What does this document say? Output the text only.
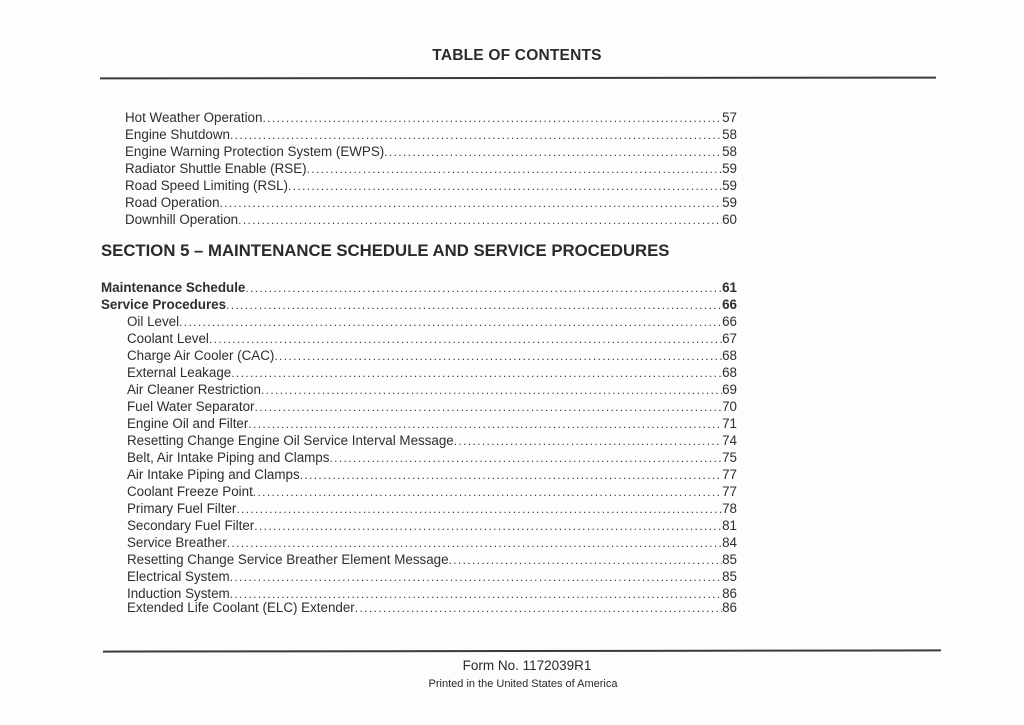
TABLE OF CONTENTS
Hot Weather Operation .....	57
Engine Shutdown .....	58
Engine Warning Protection System (EWPS) .....	58
Radiator Shuttle Enable (RSE) .....	59
Road Speed Limiting (RSL) .....	59
Road Operation .....	59
Downhill Operation .....	60
SECTION 5 – MAINTENANCE SCHEDULE AND SERVICE PROCEDURES
Maintenance Schedule .....	61
Service Procedures .....	66
Oil Level .....	66
Coolant Level .....	67
Charge Air Cooler (CAC) .....	68
External Leakage .....	68
Air Cleaner Restriction .....	69
Fuel Water Separator .....	70
Engine Oil and Filter .....	71
Resetting Change Engine Oil Service Interval Message .....	74
Belt, Air Intake Piping and Clamps .....	75
Air Intake Piping and Clamps .....	77
Coolant Freeze Point .....	77
Primary Fuel Filter .....	78
Secondary Fuel Filter .....	81
Service Breather .....	84
Resetting Change Service Breather Element Message .....	85
Electrical System .....	85
Induction System .....	86
Extended Life Coolant (ELC) Extender .....	86
Form No. 1172039R1
Printed in the United States of America
